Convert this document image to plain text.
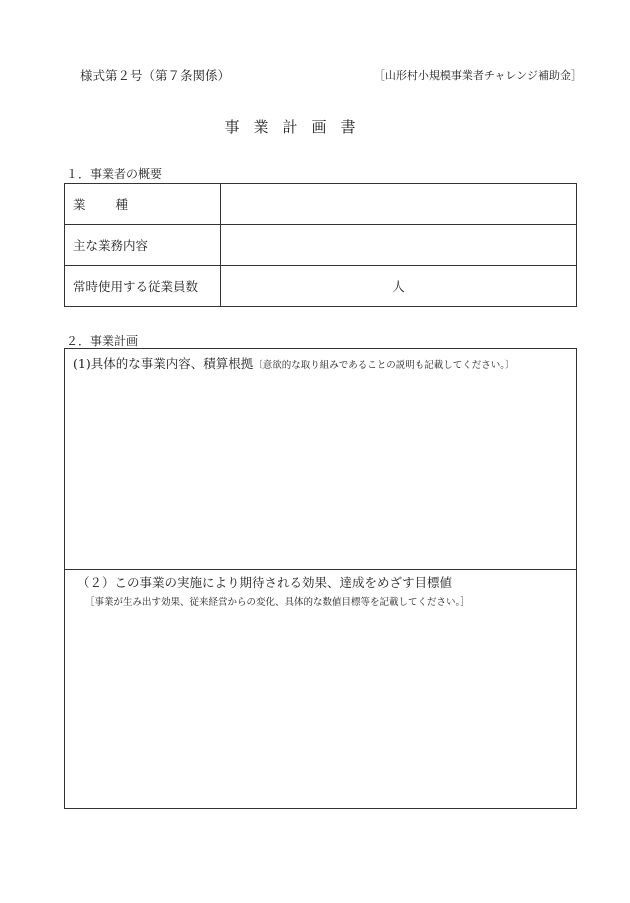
様式第２号（第７条関係）	［山形村小規模事業者チャレンジ補助金］
事業計画書
１．事業者の概要
業 種	
主な業務内容	
常時使用する従業員数	人
２．事業計画
(1)具体的な事業内容、積算根拠〔意欲的な取り組みであることの説明も記載してください。〕
（２）この事業の実施により期待される効果、達成をめざす目標値
［事業が生み出す効果、従来経営からの変化、具体的な数値目標等を記載してください。］
